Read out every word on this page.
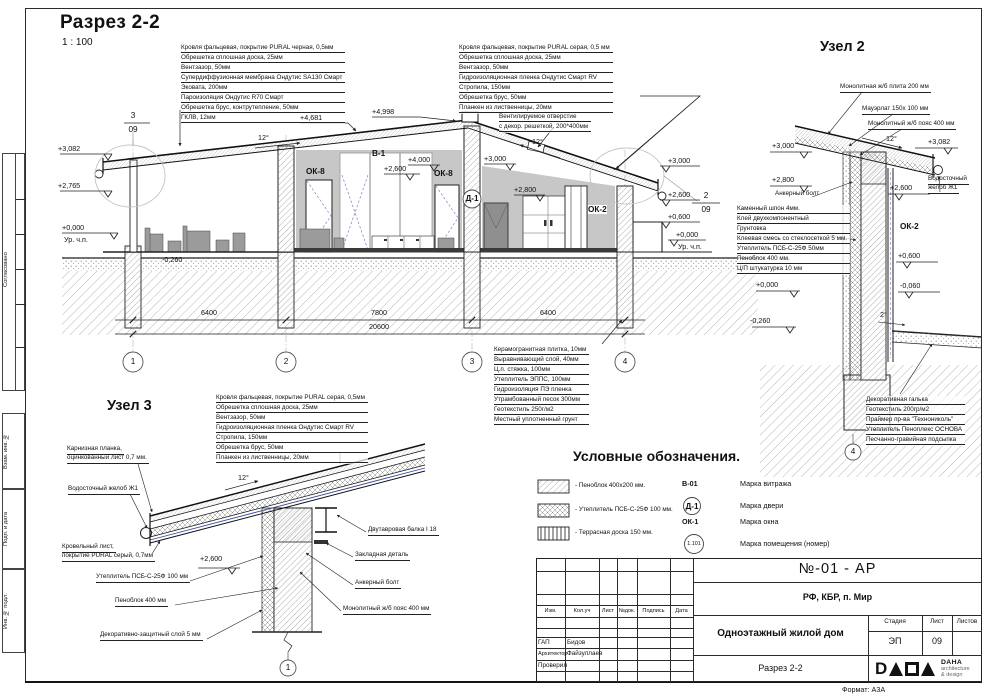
Согласовано
Взам. инв. №
Подп. и дата
Инв. № подл.
Разрез 2-2
1 : 100	Узел 2
Узел 3
Кровля фальцевая, покрытие PURAL черная, 0,5мм
Обрешетка сплошная доска, 25мм
Вентзазор, 50мм
Супердиффузионная мембрана Ондутис SA130 Смарт
Эковата, 200мм
Пароизоляция Ондутис R70 Смарт
Обрешетка брус, контрутепление, 50мм
ГКЛВ, 12мм
Кровля фальцевая, покрытие PURAL серая, 0,5 мм
Обрешетка сплошная доска, 25мм
Вентзазор, 50мм
Гидроизоляционная пленка Ондутис Смарт RV
Стропила, 150мм
Обрешетка брус, 50мм
Планкен из лиственницы, 20мм
Вентилируемое отверстие
с декор. решеткой, 200*400мм
Керамогранитная плитка, 10мм
Выравнивающий слой, 40мм
Ц.п. стяжка, 100мм
Утеплитель ЭППС, 100мм
Гидроизоляция ПЭ пленка
Утрамбованный песок 300мм
Геотекстиль 250г/м2
Местный уплотненный грунт
+3,082
+2,765
+0,000
Ур. ч.п.
-0,260
+4,681
+4,998
+4,000	+3,000
+2,600
+2,800
+3,000
+2,600
+0,600
+0,000
Ур. ч.п.
В-1
ОК-8	ОК-8
ОК-2
Д-1
12°	12°
3
09
2
09
6400	7800	6400
20600
1	2	3	4
Монолитная ж/б плита 200 мм
Мауэрлат 150х 100 мм
Монолитный ж/б пояс 400 мм
12°
+3,000	+3,082
+2,800
+2,600
Анкерный болт
Водосточный
желоб Ж1
Каменный шпон 4мм.
Клей двухкомпонентный
Грунтовка
Клеевая смесь со стеклосеткой 5 мм.
Утеплитель ПСБ-С-25Ф 50мм
Пеноблок 400 мм.
Ц/П штукатурка 10 мм
ОК-2
+0,600
+0,000	-0,060
-0,260
2°
Декоративная галька
Геотекстиль 200гр/м2
Праймер пр-ва "Технониколь"
Утеплитель Пеноплекс ОСНОВА
Песчанно-гравийная подсыпка
4
Кровля фальцевая, покрытие PURAL серая, 0,5мм
Обрешетка сплошная доска, 25мм
Вентзазор, 50мм
Гидроизоляционная пленка Ондутис Смарт RV
Стропила, 150мм
Обрешетка брус, 50мм
Планкен из лиственницы, 20мм
Карнизная планка,
оцинкованный лист 0,7 мм.
Водосточный желоб Ж1
12°
Кровельный лист,
покрытие PURAL серый, 0,7мм	+2,600
Утеплитель ПСБ-С-25Ф 100 мм
Пеноблок 400 мм
Декоративно-защитный слой 5 мм
Двутавровая балка I 18
Закладная деталь
Анкерный болт
Монолитный ж/б пояс 400 мм
1
Условные обозначения.
- Пеноблок 400х200 мм.
- Утеплитель ПСБ-С-25Ф 100 мм.
- Террасная доска 150 мм.
В-01	Марка витража
Д-1	Марка двери
ОК-1	Марка окна
1.101	Марка помещения (номер)
№-01 - АР
РФ, КБР, п. Мир
Одноэтажный жилой дом
Разрез 2-2
Стадия	Лист	Листов
ЭП	09
Изм.	Кол.уч	Лист №док.	Подпись	Дата
ГАП	Бидов
Архитектор Файзуллаев
Проверил	D	DAHA
architecture
& design
Формат: А3А
